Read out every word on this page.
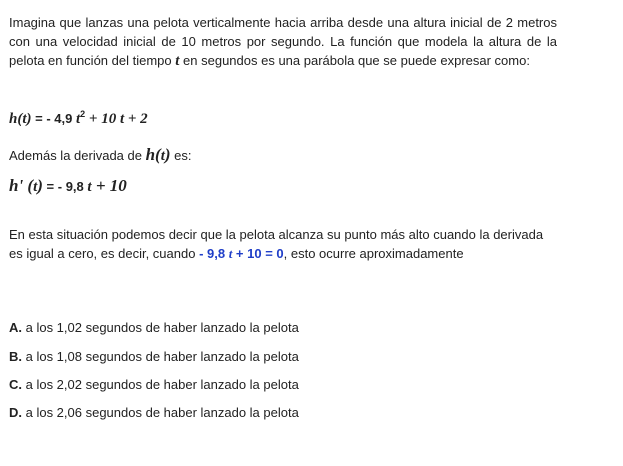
Imagina que lanzas una pelota verticalmente hacia arriba desde una altura inicial de 2 metros con una velocidad inicial de 10 metros por segundo. La función que modela la altura de la pelota en función del tiempo t en segundos es una parábola que se puede expresar como:

h(t) = - 4,9 $t^2 + 10$ t + 2
Además la derivada de h(t) es:
h' (t) = - 9,8 t + 10

En esta situación podemos decir que la pelota alcanza su punto más alto cuando la derivada es igual a cero, es decir, cuando - 9,8 t + 10 = 0, esto ocurre aproximadamente

A. a los 1,02 segundos de haber lanzado la pelota
B. a los 1,08 segundos de haber lanzado la pelota
C. a los 2,02 segundos de haber lanzado la pelota
D. a los 2,06 segundos de haber lanzado la pelota
